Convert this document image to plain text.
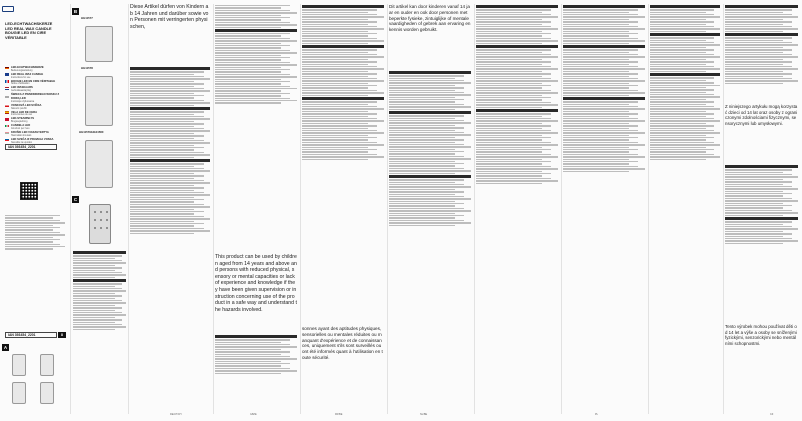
LED-ECHTWACHSKERZE
LED REAL WAX CANDLE
BOUGIE LED EN CIRE VÉRITABLE
LED-ECHTWACHSKERZE
Bedienungsanleitung
LED REAL WAX CANDLE
Instructions for use
BOUGIE LED EN CIRE VÉRITABLE
Notice d'utilisation
LED WASKAARS
Gebruiksaanwijzing
ŚWIECA Z PRAWDZIWEGO WOSKU Z DIODĄ LED
Instrukcja użytkowania
VOSKOVÁ LED SVÍČKA
Návod k použití
VELA LED DE CERA
Instrucciones de uso
LED-STEARINLYS
Brugsvejledning
CANDELA LED
Istruzioni per l'uso
KRUŠKI LED VIASZGYERTYA
Használati útmutató
LED SVEČA IZ PRAVEGA VOSKA
Navodila za uporabo
IAN 393454_2201
IAN 393454_2201	8
A
B
HG11577
HG11578
HG11579/HG11580
C
Diese Artikel dürfen von Kindern ab 14 Jahren und darüber sowie von Personen mit verringerten physischen,
This product can be used by children aged from 14 years and above and persons with reduced physical, sensory or mental capacities or lack of experience and knowledge if they have been given supervision or instruction concerning use of the product in a safe way and understand the hazards involved.
sonnes ayant des aptitudes physiques, sensorielles ou mentales réduites ou manquant d'expérience et de connaissances, uniquement s'ils sont surveillés ou ont été informés quant à l'utilisation en toute sécurité.
Dit artikel kan door kinderen vanaf 14 jaar en ouder en ook door personen met beperkte fysieke, zintuiglijke of mentale vaardigheden of gebrek aan ervaring en kennis worden gebruikt.
Z niniejszego artykułu mogą korzystać dzieci od 14 lat oraz osoby z ograniczonymi zdolnościami fizycznymi, sensorycznymi lub umysłowymi.
Tento výrobek mohou používat děti od 14 let a výše a osoby se sníženými fyzickými, senzorickými nebo mentálními schopnostmi.
DE/AT/CH	GB/IE	FR/BE	NL/BE	PL	CZ
